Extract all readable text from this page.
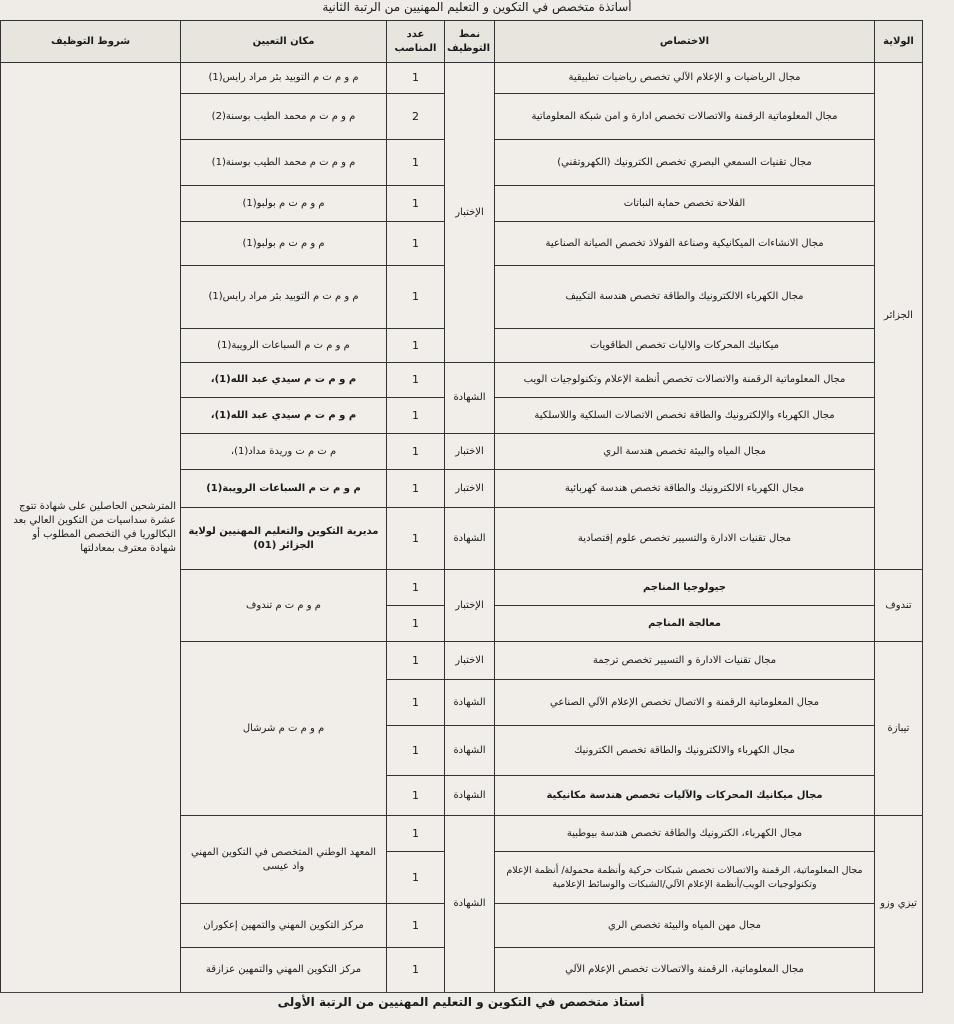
أساتذة متخصص في التكوين و التعليم المهنيين من الرتبة الثانية
الولاية	الاختصاص	نمط التوظيف	عدد المناصب	مكان التعيين	شروط التوظيف
الجزائر	مجال الرياضيات و الإعلام الآلي تخصص رياضيات تطبيقية	الإختبار	1	م و م ت م التوبيد بئر مراد رايس(1)	المترشحين الحاصلين على شهادة تتوج عشرة سداسيات من التكوين العالي بعد البكالوريا في التخصص المطلوب أو شهادة معترف بمعادلتها
	مجال المعلوماتية الرقمنة والاتصالات تخصص ادارة و امن شبكة المعلوماتية		2	م و م ت م محمد الطيب بوسنة(2)	
	مجال تقنيات السمعي البصري تخصص الكترونيك (الكهروتقني)		1	م و م ت م محمد الطيب بوسنة(1)	
	الفلاحة تخصص حماية النباتات		1	م و م ت م بولبو(1)	
	مجال الانشاءات الميكانيكية وصناعة الفولاذ تخصص الصيانة الصناعية		1	م و م ت م بولبو(1)	
	مجال الكهرباء الالكترونيك والطاقة تخصص هندسة التكييف		1	م و م ت م التوبيد بئر مراد رايس(1)	
	ميكانيك المحركات والاليات تخصص الطاقويات		1	م و م ت م السباعات الرويبة(1)	
	مجال المعلوماتية الرقمنة والاتصالات تخصص أنظمة الإعلام وتكنولوجيات الويب	الشهادة	1	م و م ت م سيدي عبد الله(1)،	
	مجال الكهرباء والإلكترونيك والطاقة تخصص الاتصالات السلكية واللاسلكية		1	م و م ت م سيدي عبد الله(1)،	
	مجال المياه والبيئة تخصص هندسة الري	الاختبار	1	م ت م ت وريدة مداد(1)،	
	مجال الكهرباء الالكترونيك والطاقة تخصص هندسة كهربائية	الاختبار	1	م و م ت م السباعات الرويبة(1)	
	مجال تقنيات الادارة والتسيير تخصص علوم إقتصادية	الشهادة	1	مديرية التكوين والتعليم المهنيين لولاية الجزائر (01)	
تندوف	جيولوجيا المناجم	الإختبار	1	م و م ت م تندوف	
	معالجة المناجم		1		
تيبازة	مجال تقنيات الادارة و التسيير تخصص ترجمة	الاختبار	1	م و م ت م شرشال	
	مجال المعلوماتية الرقمنة و الاتصال تخصص الإعلام الآلي الصناعي	الشهادة	1		
	مجال الكهرباء والالكترونيك والطاقة تخصص الكترونيك	الشهادة	1		
	مجال ميكانيك المحركات والآليات تخصص هندسة مكانيكية	الشهادة	1		
تيزي وزو	مجال الكهرباء، الكترونيك والطاقة تخصص هندسة بيوطبية	الشهادة	1	المعهد الوطني المتخصص في التكوين المهني واد عيسى	
	مجال المعلوماتية، الرقمنة والاتصالات تخصص شبكات حركية وأنظمة محمولة/ أنظمة الإعلام وتكنولوجيات الويب/أنظمة الإعلام الآلي/الشبكات والوسائط الإعلامية		1		
	مجال مهن المياه والبيئة تخصص الري		1	مركز التكوين المهني والتمهين إعكوران	
	مجال المعلوماتية، الرقمنة والاتصالات تخصص الإعلام الآلي		1	مركز التكوين المهني والتمهين عزازقة	
أستاذ متخصص في التكوين و التعليم المهنيين من الرتبة الأولى
